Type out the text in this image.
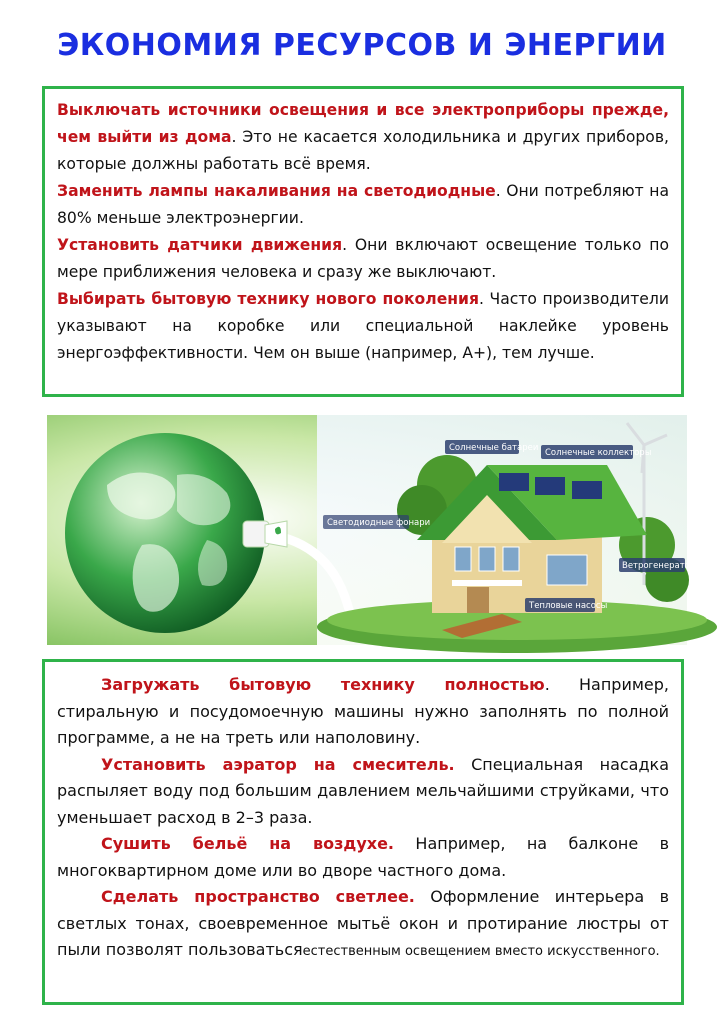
ЭКОНОМИЯ РЕСУРСОВ И ЭНЕРГИИ

Выключать источники освещения и все электроприборы прежде, чем выйти из дома. Это не касается холодильника и других приборов, которые должны работать всё время.

Заменить лампы накаливания на светодиодные. Они потребляют на 80% меньше электроэнергии.

Установить датчики движения. Они включают освещение только по мере приближения человека и сразу же выключают.

Выбирать бытовую технику нового поколения. Часто производители указывают на коробке или специальной наклейке уровень энергоэффективности. Чем он выше (например, А+), тем лучше.

Солнечные батареи Солнечные коллекторы
Светодиодные фонари
Ветрогенераторы
Тепловые насосы

Загружать бытовую технику полностью. Например, стиральную и посудомоечную машины нужно заполнять по полной программе, а не на треть или наполовину.

Установить аэратор на смеситель. Специальная насадка распыляет воду под большим давлением мельчайшими струйками, что уменьшает расход в 2–3 раза.

Сушить бельё на воздухе. Например, на балконе в многоквартирном доме или во дворе частного дома.

Сделать пространство светлее. Оформление интерьера в светлых тонах, своевременное мытьё окон и протирание люстры от пыли позволят пользоватьсяестественным освещением вместо искусственного.
